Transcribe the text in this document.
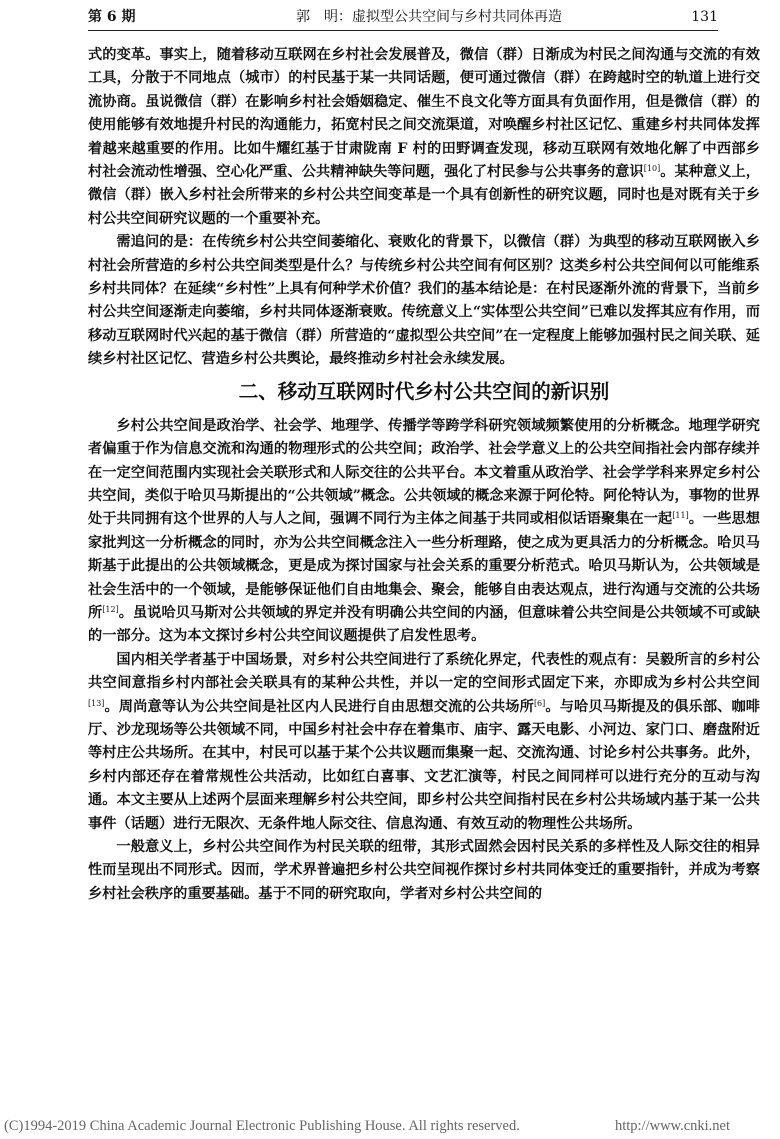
第 6 期	郭　明：虚拟型公共空间与乡村共同体再造	131

式的变革。事实上，随着移动互联网在乡村社会发展普及，微信（群）日渐成为村民之间沟通与交流的有效工具，分散于不同地点（城市）的村民基于某一共同话题，便可通过微信（群）在跨越时空的轨道上进行交流协商。虽说微信（群）在影响乡村社会婚姻稳定、催生不良文化等方面具有负面作用，但是微信（群）的使用能够有效地提升村民的沟通能力，拓宽村民之间交流渠道，对唤醒乡村社区记忆、重建乡村共同体发挥着越来越重要的作用。比如牛耀红基于甘肃陇南 F 村的田野调查发现，移动互联网有效地化解了中西部乡村社会流动性增强、空心化严重、公共精神缺失等问题，强化了村民参与公共事务的意识[10]。某种意义上，微信（群）嵌入乡村社会所带来的乡村公共空间变革是一个具有创新性的研究议题，同时也是对既有关于乡村公共空间研究议题的一个重要补充。

需追问的是：在传统乡村公共空间萎缩化、衰败化的背景下，以微信（群）为典型的移动互联网嵌入乡村社会所营造的乡村公共空间类型是什么？与传统乡村公共空间有何区别？这类乡村公共空间何以可能维系乡村共同体？在延续“乡村性”上具有何种学术价值？我们的基本结论是：在村民逐渐外流的背景下，当前乡村公共空间逐渐走向萎缩，乡村共同体逐渐衰败。传统意义上“实体型公共空间”已难以发挥其应有作用，而移动互联网时代兴起的基于微信（群）所营造的“虚拟型公共空间”在一定程度上能够加强村民之间关联、延续乡村社区记忆、营造乡村公共舆论，最终推动乡村社会永续发展。

二、移动互联网时代乡村公共空间的新识别

乡村公共空间是政治学、社会学、地理学、传播学等跨学科研究领域频繁使用的分析概念。地理学研究者偏重于作为信息交流和沟通的物理形式的公共空间；政治学、社会学意义上的公共空间指社会内部存续并在一定空间范围内实现社会关联形式和人际交往的公共平台。本文着重从政治学、社会学学科来界定乡村公共空间，类似于哈贝马斯提出的“公共领域”概念。公共领域的概念来源于阿伦特。阿伦特认为，事物的世界处于共同拥有这个世界的人与人之间，强调不同行为主体之间基于共同或相似话语聚集在一起[11]。一些思想家批判这一分析概念的同时，亦为公共空间概念注入一些分析理路，使之成为更具活力的分析概念。哈贝马斯基于此提出的公共领域概念，更是成为探讨国家与社会关系的重要分析范式。哈贝马斯认为，公共领域是社会生活中的一个领域，是能够保证他们自由地集会、聚会，能够自由表达观点，进行沟通与交流的公共场所[12]。虽说哈贝马斯对公共领域的界定并没有明确公共空间的内涵，但意味着公共空间是公共领域不可或缺的一部分。这为本文探讨乡村公共空间议题提供了启发性思考。

国内相关学者基于中国场景，对乡村公共空间进行了系统化界定，代表性的观点有：吴毅所言的乡村公共空间意指乡村内部社会关联具有的某种公共性，并以一定的空间形式固定下来，亦即成为乡村公共空间[13]。周尚意等认为公共空间是社区内人民进行自由思想交流的公共场所[6]。与哈贝马斯提及的俱乐部、咖啡厅、沙龙现场等公共领域不同，中国乡村社会中存在着集市、庙宇、露天电影、小河边、家门口、磨盘附近等村庄公共场所。在其中，村民可以基于某个公共议题而集聚一起、交流沟通、讨论乡村公共事务。此外，乡村内部还存在着常规性公共活动，比如红白喜事、文艺汇演等，村民之间同样可以进行充分的互动与沟通。本文主要从上述两个层面来理解乡村公共空间，即乡村公共空间指村民在乡村公共场域内基于某一公共事件（话题）进行无限次、无条件地人际交往、信息沟通、有效互动的物理性公共场所。

一般意义上，乡村公共空间作为村民关联的纽带，其形式固然会因村民关系的多样性及人际交往的相异性而呈现出不同形式。因而，学术界普遍把乡村公共空间视作探讨乡村共同体变迁的重要指针，并成为考察乡村社会秩序的重要基础。基于不同的研究取向，学者对乡村公共空间的

(C)1994-2019 China Academic Journal Electronic Publishing House. All rights reserved.	http://www.cnki.net
